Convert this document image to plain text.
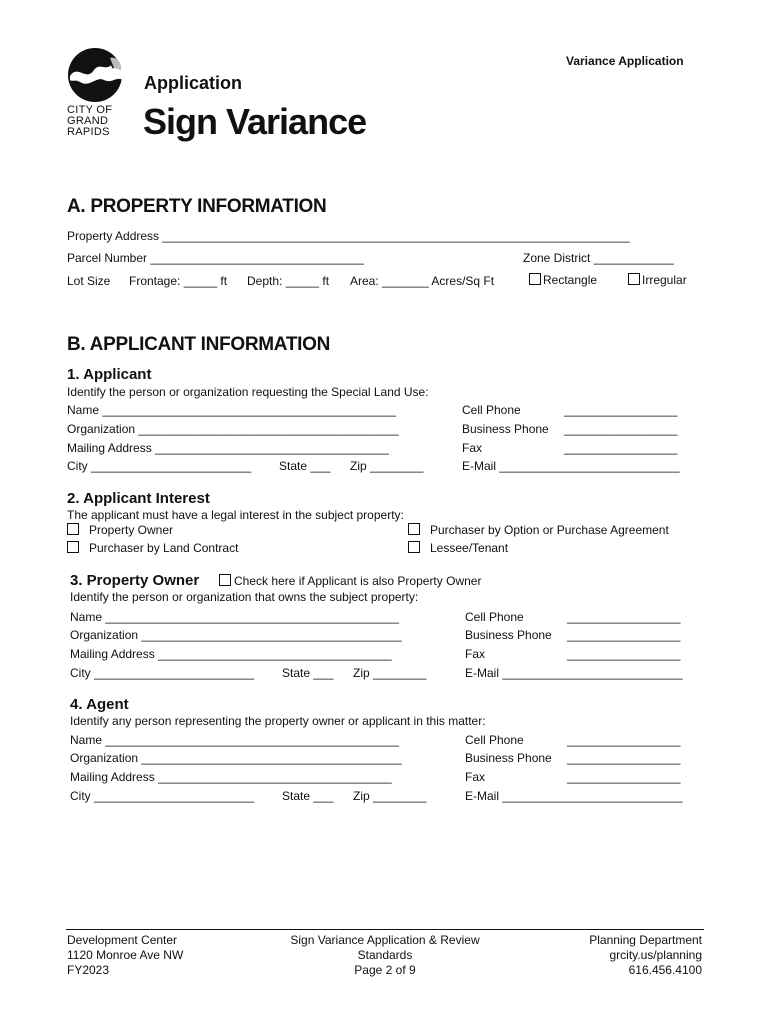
CITY OF
GRAND
RAPIDS
Variance Application
Application
Sign Variance
A. PROPERTY INFORMATION
Property Address ______________________________________________________________________
Parcel Number ________________________________	Zone District ____________
Lot Size Frontage: _____ ft Depth: _____ ft Area: _______ Acres/Sq Ft	Rectangle	Irregular
B. APPLICANT INFORMATION
1. Applicant
Identify the person or organization requesting the Special Land Use:
Name ____________________________________________
Organization _______________________________________
Mailing Address ___________________________________
City ________________________ State ___ Zip ________
Cell Phone	_________________
Business Phone _________________
Fax	_________________
E-Mail ___________________________
2. Applicant Interest
The applicant must have a legal interest in the subject property:
Property Owner
Purchaser by Land Contract
Purchaser by Option or Purchase Agreement
Lessee/Tenant
3. Property Owner	Check here if Applicant is also Property Owner
Identify the person or organization that owns the subject property:
Name ____________________________________________
Organization _______________________________________
Mailing Address ___________________________________
City ________________________ State ___ Zip ________
Cell Phone	_________________
Business Phone _________________
Fax	_________________
E-Mail ___________________________
4. Agent
Identify any person representing the property owner or applicant in this matter:
Name ____________________________________________
Organization _______________________________________
Mailing Address ___________________________________
City ________________________ State ___ Zip ________
Cell Phone	_________________
Business Phone _________________
Fax	_________________
E-Mail ___________________________
Development Center
1120 Monroe Ave NW
FY2023
Sign Variance Application & Review
Standards
Page 2 of 9
Planning Department
grcity.us/planning
616.456.4100
